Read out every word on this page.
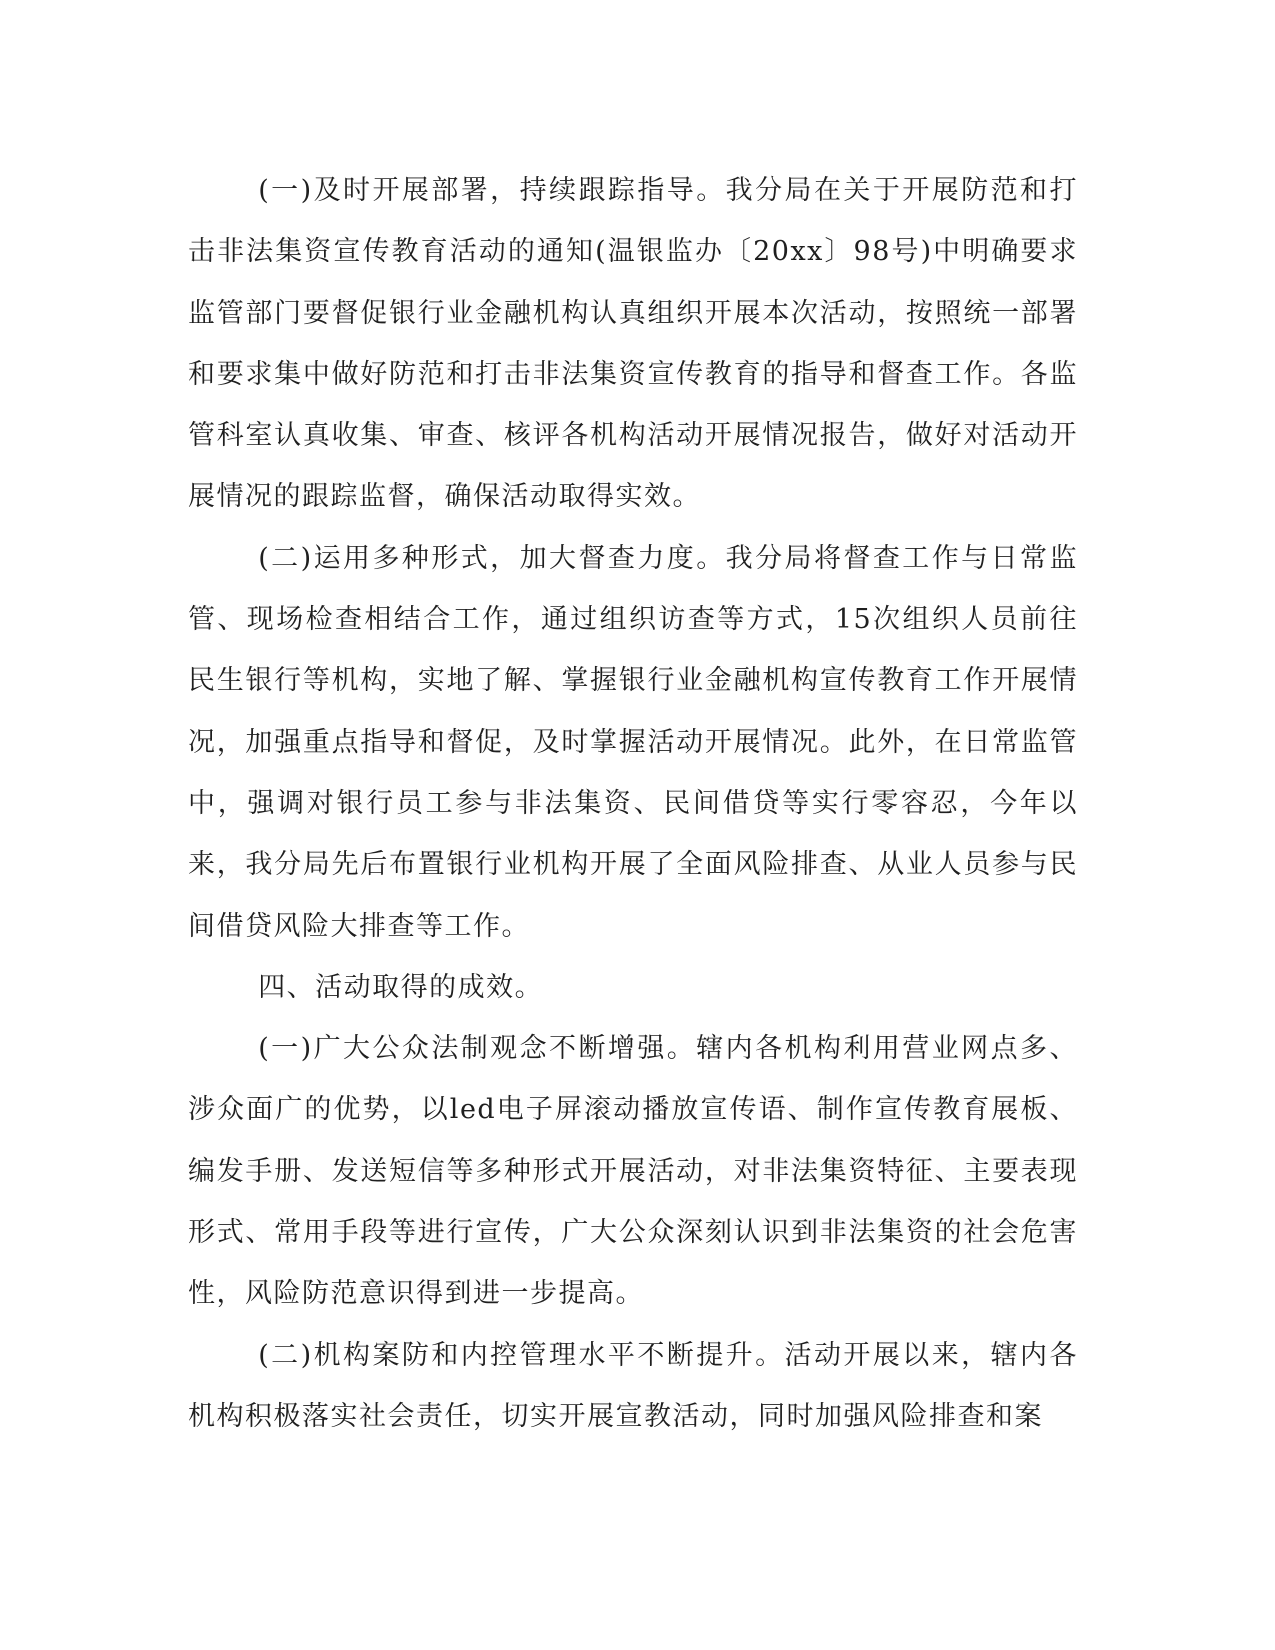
(一)及时开展部署，持续跟踪指导。我分局在关于开展防范和打击非法集资宣传教育活动的通知(温银监办〔20xx〕98号)中明确要求监管部门要督促银行业金融机构认真组织开展本次活动，按照统一部署和要求集中做好防范和打击非法集资宣传教育的指导和督查工作。各监管科室认真收集、审查、核评各机构活动开展情况报告，做好对活动开展情况的跟踪监督，确保活动取得实效。

(二)运用多种形式，加大督查力度。我分局将督查工作与日常监管、现场检查相结合工作，通过组织访查等方式，15次组织人员前往民生银行等机构，实地了解、掌握银行业金融机构宣传教育工作开展情况，加强重点指导和督促，及时掌握活动开展情况。此外，在日常监管中，强调对银行员工参与非法集资、民间借贷等实行零容忍，今年以来，我分局先后布置银行业机构开展了全面风险排查、从业人员参与民间借贷风险大排查等工作。

四、活动取得的成效。

(一)广大公众法制观念不断增强。辖内各机构利用营业网点多、涉众面广的优势，以led电子屏滚动播放宣传语、制作宣传教育展板、编发手册、发送短信等多种形式开展活动，对非法集资特征、主要表现形式、常用手段等进行宣传，广大公众深刻认识到非法集资的社会危害性，风险防范意识得到进一步提高。

(二)机构案防和内控管理水平不断提升。活动开展以来，辖内各机构积极落实社会责任，切实开展宣教活动，同时加强风险排查和案
